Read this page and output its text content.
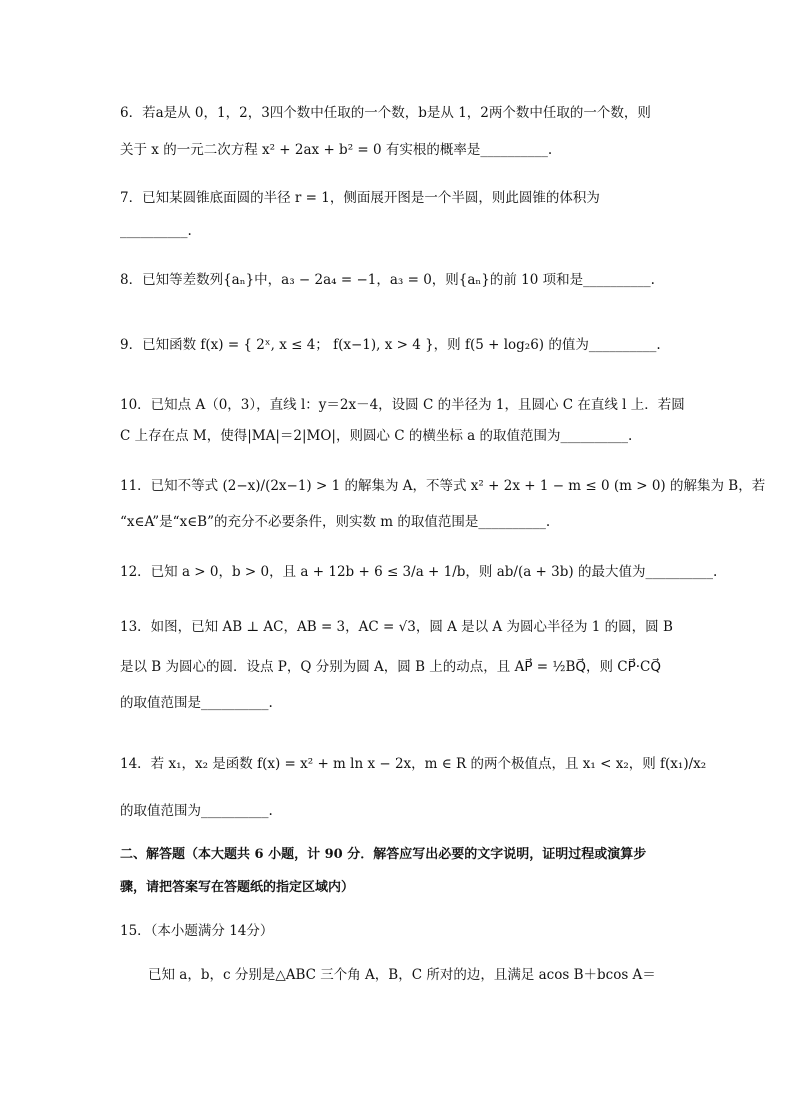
6．若a是从 0，1，2，3四个数中任取的一个数，b是从 1，2两个数中任取的一个数，则
关于 x 的一元二次方程 x² + 2ax + b² = 0 有实根的概率是__________.
7．已知某圆锥底面圆的半径 r = 1，侧面展开图是一个半圆，则此圆锥的体积为
__________.
8．已知等差数列{aₙ}中，a₃ − 2a₄ = −1，a₃ = 0，则{aₙ}的前 10 项和是__________.
9．已知函数 f(x) = { 2ˣ, x ≤ 4； f(x−1), x > 4 }，则 f(5 + log₂6) 的值为__________.
10．已知点 A（0，3），直线 l：y＝2x－4，设圆 C 的半径为 1，且圆心 C 在直线 l 上．若圆
C 上存在点 M，使得|MA|＝2|MO|，则圆心 C 的横坐标 a 的取值范围为__________.
11．已知不等式 (2−x)/(2x−1) > 1 的解集为 A，不等式 x² + 2x + 1 − m ≤ 0 (m > 0) 的解集为 B，若
“x∈A”是“x∈B”的充分不必要条件，则实数 m 的取值范围是__________.
12．已知 a > 0，b > 0，且 a + 12b + 6 ≤ 3/a + 1/b，则 ab/(a + 3b) 的最大值为__________.
13．如图，已知 AB ⊥ AC，AB = 3，AC = √3，圆 A 是以 A 为圆心半径为 1 的圆，圆 B
是以 B 为圆心的圆．设点 P，Q 分别为圆 A，圆 B 上的动点，且 AP⃗ = ½BQ⃗，则 CP⃗·CQ⃗
的取值范围是__________.
14．若 x₁，x₂ 是函数 f(x) = x² + m ln x − 2x，m ∈ R 的两个极值点，且 x₁ < x₂，则 f(x₁)/x₂
的取值范围为__________.
二、解答题（本大题共 6 小题，计 90 分．解答应写出必要的文字说明，证明过程或演算步
骤，请把答案写在答题纸的指定区域内）
15．（本小题满分 14分）
已知 a，b，c 分别是△ABC 三个角 A，B，C 所对的边，且满足 acos B＋bcos A＝
